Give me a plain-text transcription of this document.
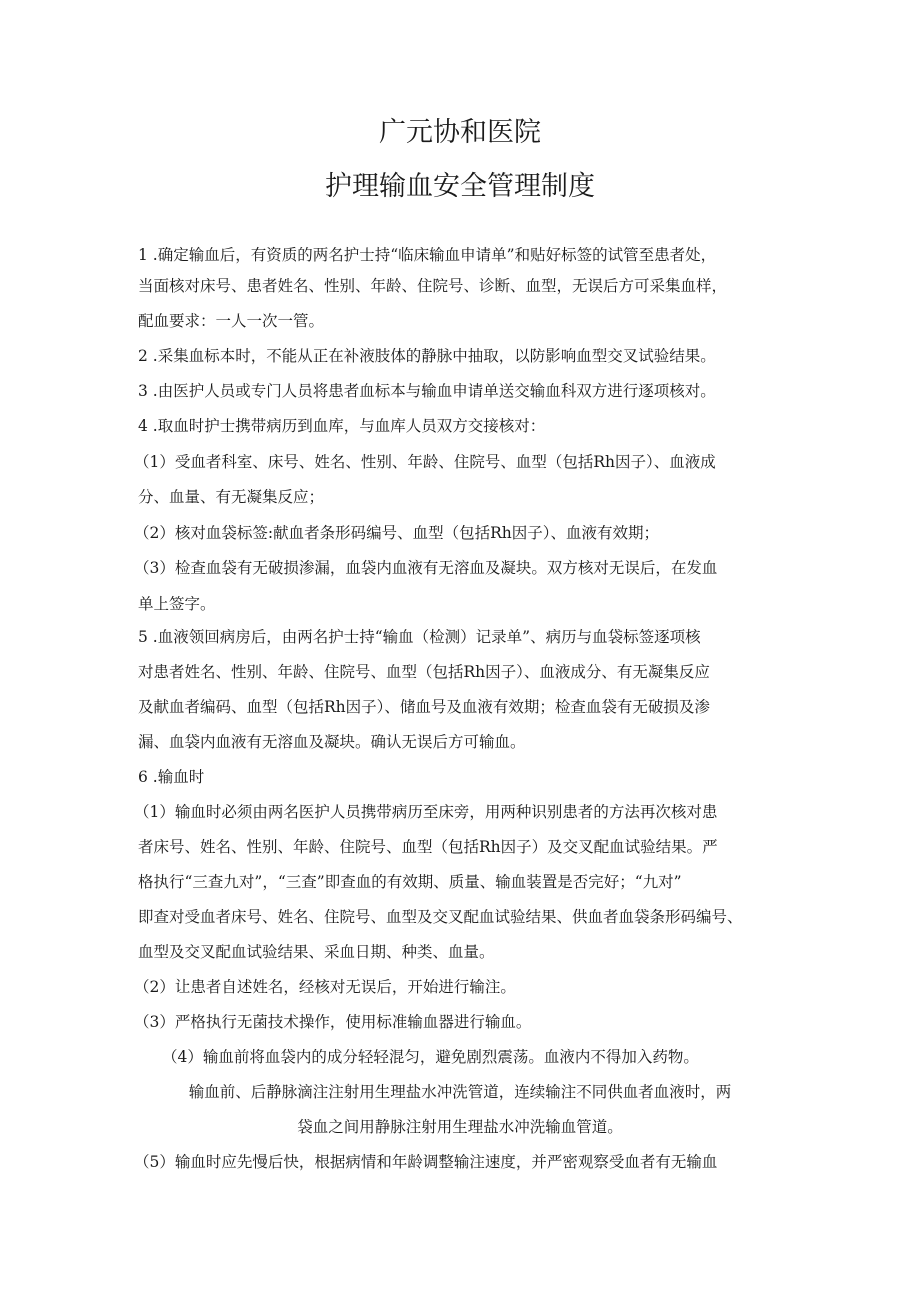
广元协和医院
护理输血安全管理制度

1 .确定输血后，有资质的两名护士持“临床输血申请单”和贴好标签的试管至患者处，

当面核对床号、患者姓名、性别、年龄、住院号、诊断、血型，无误后方可采集血样，

配血要求：一人一次一管。

2 .采集血标本时，不能从正在补液肢体的静脉中抽取，以防影响血型交叉试验结果。

3 .由医护人员或专门人员将患者血标本与输血申请单送交输血科双方进行逐项核对。

4 .取血时护士携带病历到血库，与血库人员双方交接核对：

（1）受血者科室、床号、姓名、性别、年龄、住院号、血型（包括Rh因子）、血液成

分、血量、有无凝集反应；

（2）核对血袋标签:献血者条形码编号、血型（包括Rh因子）、血液有效期；

（3）检查血袋有无破损渗漏，血袋内血液有无溶血及凝块。双方核对无误后，在发血

单上签字。

5 .血液领回病房后，由两名护士持“输血（检测）记录单”、病历与血袋标签逐项核

对患者姓名、性别、年龄、住院号、血型（包括Rh因子）、血液成分、有无凝集反应

及献血者编码、血型（包括Rh因子）、储血号及血液有效期；检查血袋有无破损及渗

漏、血袋内血液有无溶血及凝块。确认无误后方可输血。

6 .输血时

（1）输血时必须由两名医护人员携带病历至床旁，用两种识别患者的方法再次核对患

者床号、姓名、性别、年龄、住院号、血型（包括Rh因子）及交叉配血试验结果。严

格执行“三查九对”，“三查”即查血的有效期、质量、输血装置是否完好；“九对”

即查对受血者床号、姓名、住院号、血型及交叉配血试验结果、供血者血袋条形码编号、

血型及交叉配血试验结果、采血日期、种类、血量。

（2）让患者自述姓名，经核对无误后，开始进行输注。

（3）严格执行无菌技术操作，使用标准输血器进行输血。

（4）输血前将血袋内的成分轻轻混匀，避免剧烈震荡。血液内不得加入药物。

输血前、后静脉滴注注射用生理盐水冲洗管道，连续输注不同供血者血液时，两

袋血之间用静脉注射用生理盐水冲洗输血管道。

（5）输血时应先慢后快，根据病情和年龄调整输注速度，并严密观察受血者有无输血
